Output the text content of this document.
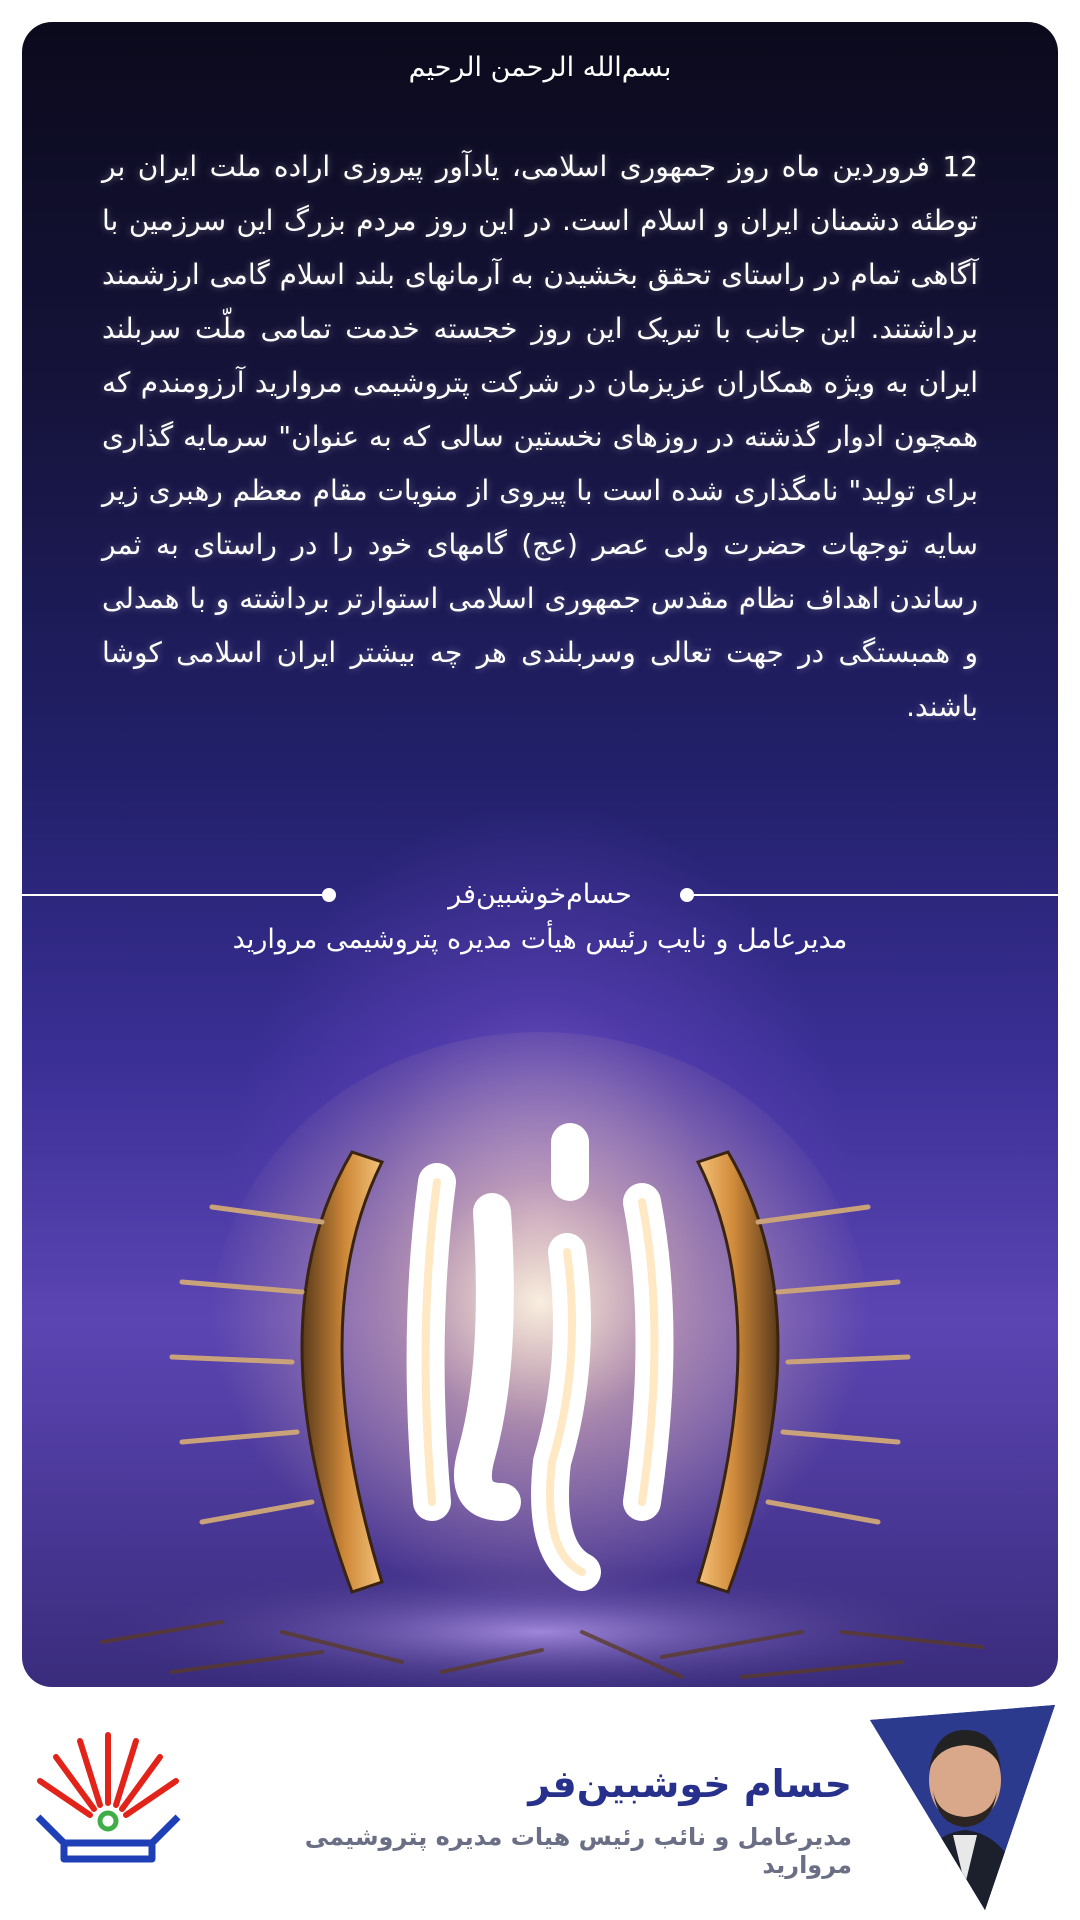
بسم‌الله الرحمن الرحیم
12 فروردین ماه روز جمهوری اسلامی، یادآور پیروزی اراده ملت ایران بر توطئه دشمنان ایران و اسلام است. در این روز مردم بزرگ این سرزمین با آگاهی تمام در راستای تحقق بخشیدن به آرمانهای بلند اسلام گامی ارزشمند برداشتند. این جانب با تبریک این روز خجسته خدمت تمامی ملّت سربلند ایران به ویژه همکاران عزیزمان در شرکت پتروشیمی مروارید آرزومندم که همچون ادوار گذشته در روزهای نخستین سالی که به عنوان" سرمایه گذاری برای تولید" نامگذاری شده است با پیروی از منویات مقام معظم رهبری زیر سایه توجهات حضرت ولی عصر (عج) گامهای خود را در راستای به ثمر رساندن اهداف نظام مقدس جمهوری اسلامی استوارتر برداشته و با همدلی و همبستگی در جهت تعالی وسربلندی هر چه بیشتر ایران اسلامی کوشا باشند.
حسام‌خوشبین‌فر
مدیرعامل و نایب رئیس هیأت مدیره پتروشیمی مروارید
حسام خوشبین‌فر
مدیرعامل و نائب رئیس هیات مدیره پتروشیمی مروارید
